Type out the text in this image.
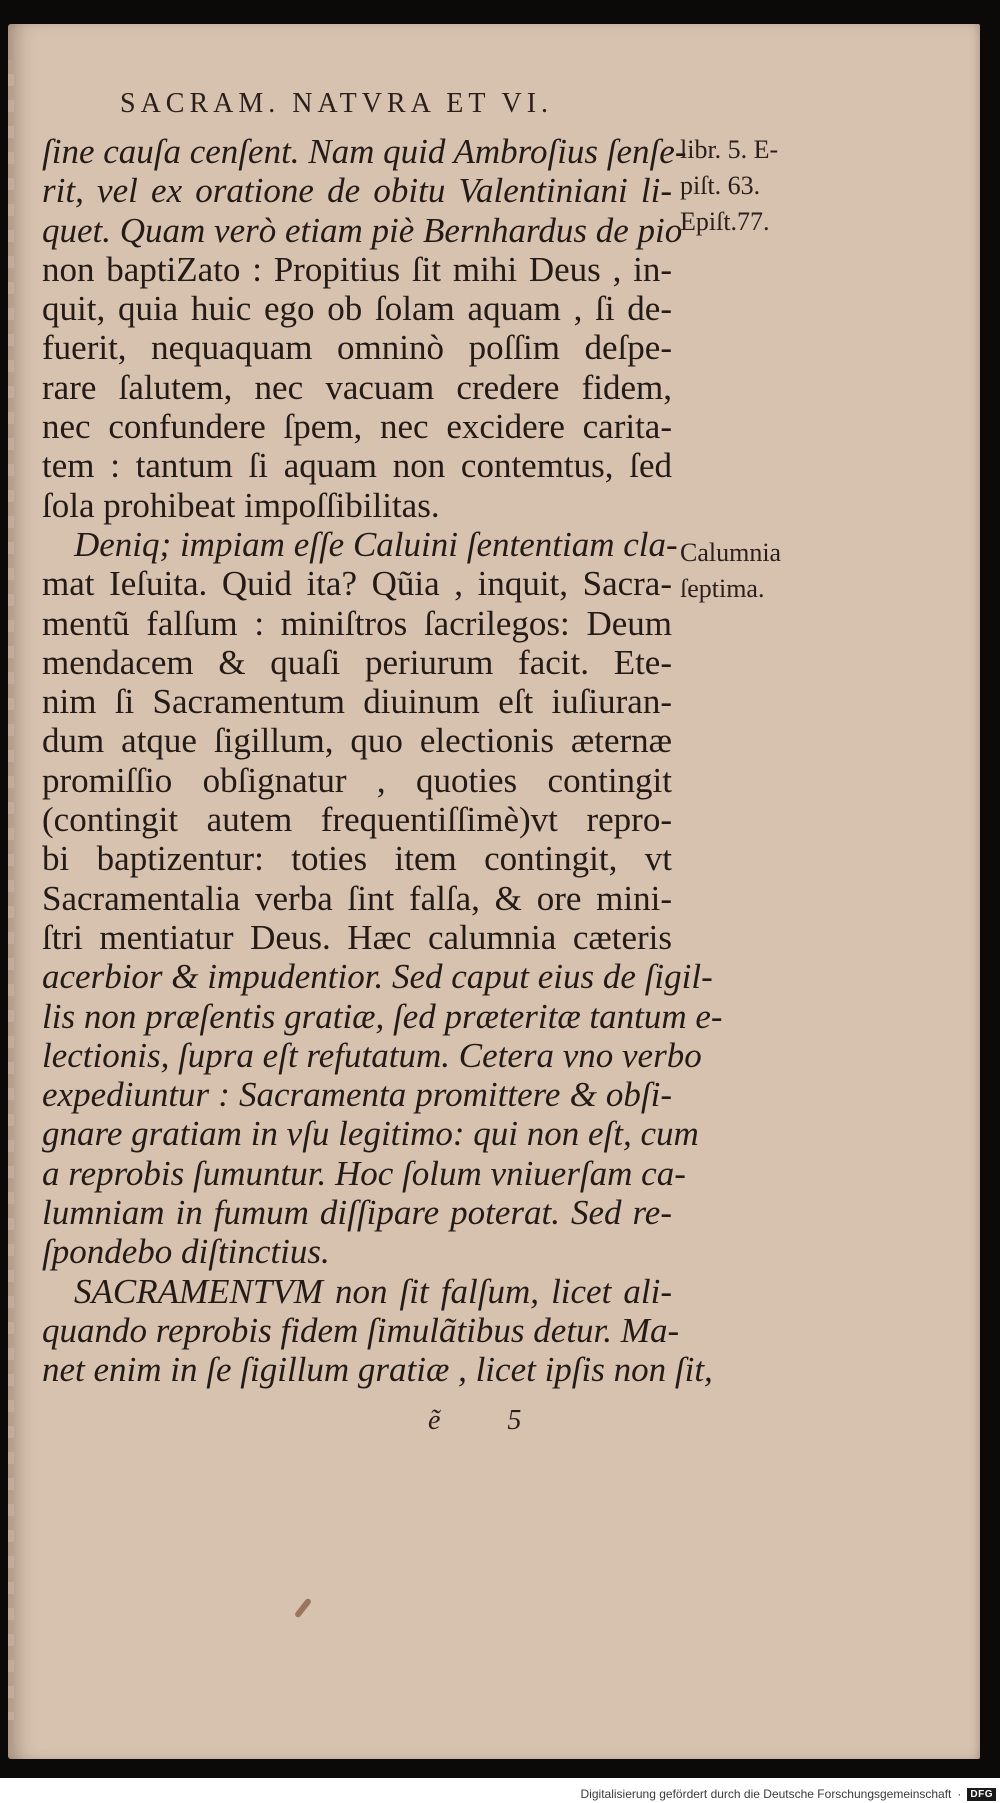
SACRAM. NATVRA ET VI.
ſine cauſa cenſent. Nam quid Ambroſius ſenſe-
rit, vel ex oratione de obitu Valentiniani li-
quet. Quam verò etiam piè Bernhardus de pio
non baptiZato : Propitius ſit mihi Deus , in-
quit, quia huic ego ob ſolam aquam , ſi de-
fuerit, nequaquam omninò poſſim deſpe-
rare ſalutem, nec vacuam credere fidem,
nec confundere ſpem, nec excidere carita-
tem : tantum ſi aquam non contemtus, ſed
ſola prohibeat impoſſibilitas.
Deniq; impiam eſſe Caluini ſententiam cla-
mat Ieſuita. Quid ita? Qũia , inquit, Sacra-
mentũ falſum : miniſtros ſacrilegos: Deum
mendacem & quaſi periurum facit. Ete-
nim ſi Sacramentum diuinum eſt iuſiuran-
dum atque ſigillum, quo electionis æternæ
promiſſio obſignatur , quoties contingit
(contingit autem frequentiſſimè)vt repro-
bi baptizentur: toties item contingit, vt
Sacramentalia verba ſint falſa, & ore mini-
ſtri mentiatur Deus. Hæc calumnia cæteris
acerbior & impudentior. Sed caput eius de ſigil-
lis non præſentis gratiæ, ſed præteritæ tantum e-
lectionis, ſupra eſt refutatum. Cetera vno verbo
expediuntur : Sacramenta promittere & obſi-
gnare gratiam in vſu legitimo: qui non eſt, cum
a reprobis ſumuntur. Hoc ſolum vniuerſam ca-
lumniam in fumum diſſipare poterat. Sed re-
ſpondebo diſtinctius.
SACRAMENTVM non ſit falſum, licet ali-
quando reprobis fidem ſimulãtibus detur. Ma-
net enim in ſe ſigillum gratiæ , licet ipſis non ſit,
libr. 5. E-
piſt. 63.
Epiſt.77.
Calumnia
ſeptima.
ẽ 5
Digitalisierung gefördert durch die Deutsche Forschungsgemeinschaft · DFG
